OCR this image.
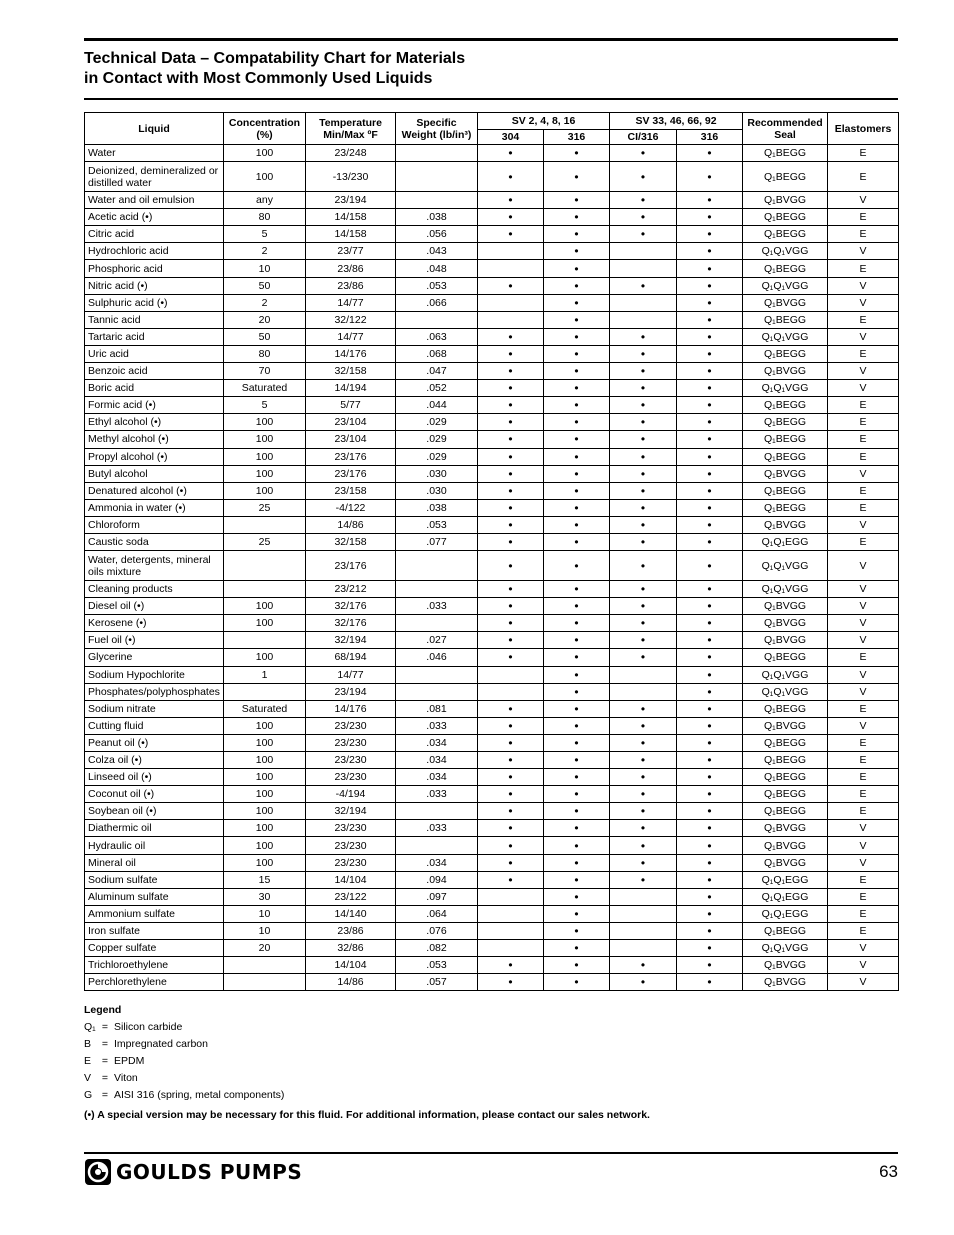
Technical Data – Compatability Chart for Materials
in Contact with Most Commonly Used Liquids
Liquid	Concentration (%)	Temperature Min/Max ºF	Specific Weight (lb/in³)	SV 2, 4, 8, 16		SV 33, 46, 66, 92		Recommended Seal	Elastomers
				304	316	CI/316	316		
Water	100	23/248		•	•	•	•	Q₁BEGG	E
Deionized, demineralized or distilled water	100	-13/230		•	•	•	•	Q₁BEGG	E
Water and oil emulsion	any	23/194		•	•	•	•	Q₁BVGG	V
Acetic acid (•)	80	14/158	.038	•	•	•	•	Q₁BEGG	E
Citric acid	5	14/158	.056	•	•	•	•	Q₁BEGG	E
Hydrochloric acid	2	23/77	.043		•		•	Q₁Q₁VGG	V
Phosphoric acid	10	23/86	.048		•		•	Q₁BEGG	E
Nitric acid (•)	50	23/86	.053	•	•	•	•	Q₁Q₁VGG	V
Sulphuric acid (•)	2	14/77	.066		•		•	Q₁BVGG	V
Tannic acid	20	32/122			•		•	Q₁BEGG	E
Tartaric acid	50	14/77	.063	•	•	•	•	Q₁Q₁VGG	V
Uric acid	80	14/176	.068	•	•	•	•	Q₁BEGG	E
Benzoic acid	70	32/158	.047	•	•	•	•	Q₁BVGG	V
Boric acid	Saturated	14/194	.052	•	•	•	•	Q₁Q₁VGG	V
Formic acid (•)	5	5/77	.044	•	•	•	•	Q₁BEGG	E
Ethyl alcohol (•)	100	23/104	.029	•	•	•	•	Q₁BEGG	E
Methyl alcohol (•)	100	23/104	.029	•	•	•	•	Q₁BEGG	E
Propyl alcohol (•)	100	23/176	.029	•	•	•	•	Q₁BEGG	E
Butyl alcohol	100	23/176	.030	•	•	•	•	Q₁BVGG	V
Denatured alcohol (•)	100	23/158	.030	•	•	•	•	Q₁BEGG	E
Ammonia in water (•)	25	-4/122	.038	•	•	•	•	Q₁BEGG	E
Chloroform		14/86	.053	•	•	•	•	Q₁BVGG	V
Caustic soda	25	32/158	.077	•	•	•	•	Q₁Q₁EGG	E
Water, detergents, mineral oils mixture		23/176		•	•	•	•	Q₁Q₁VGG	V
Cleaning products		23/212		•	•	•	•	Q₁Q₁VGG	V
Diesel oil (•)	100	32/176	.033	•	•	•	•	Q₁BVGG	V
Kerosene (•)	100	32/176		•	•	•	•	Q₁BVGG	V
Fuel oil (•)		32/194	.027	•	•	•	•	Q₁BVGG	V
Glycerine	100	68/194	.046	•	•	•	•	Q₁BEGG	E
Sodium Hypochlorite	1	14/77			•		•	Q₁Q₁VGG	V
Phosphates/polyphosphates		23/194			•		•	Q₁Q₁VGG	V
Sodium nitrate	Saturated	14/176	.081	•	•	•	•	Q₁BEGG	E
Cutting fluid	100	23/230	.033	•	•	•	•	Q₁BVGG	V
Peanut oil (•)	100	23/230	.034	•	•	•	•	Q₁BEGG	E
Colza oil (•)	100	23/230	.034	•	•	•	•	Q₁BEGG	E
Linseed oil (•)	100	23/230	.034	•	•	•	•	Q₁BEGG	E
Coconut oil (•)	100	-4/194	.033	•	•	•	•	Q₁BEGG	E
Soybean oil (•)	100	32/194		•	•	•	•	Q₁BEGG	E
Diathermic oil	100	23/230	.033	•	•	•	•	Q₁BVGG	V
Hydraulic oil	100	23/230		•	•	•	•	Q₁BVGG	V
Mineral oil	100	23/230	.034	•	•	•	•	Q₁BVGG	V
Sodium sulfate	15	14/104	.094	•	•	•	•	Q₁Q₁EGG	E
Aluminum sulfate	30	23/122	.097		•		•	Q₁Q₁EGG	E
Ammonium sulfate	10	14/140	.064		•		•	Q₁Q₁EGG	E
Iron sulfate	10	23/86	.076		•		•	Q₁BEGG	E
Copper sulfate	20	32/86	.082		•		•	Q₁Q₁VGG	V
Trichloroethylene		14/104	.053	•	•	•	•	Q₁BVGG	V
Perchlorethylene		14/86	.057	•	•	•	•	Q₁BVGG	V
Legend
Q₁ = Silicon carbide
B = Impregnated carbon
E = EPDM
V = Viton
G = AISI 316 (spring, metal components)
(•) A special version may be necessary for this fluid. For additional information, please contact our sales network.
GOULDS PUMPS	63
